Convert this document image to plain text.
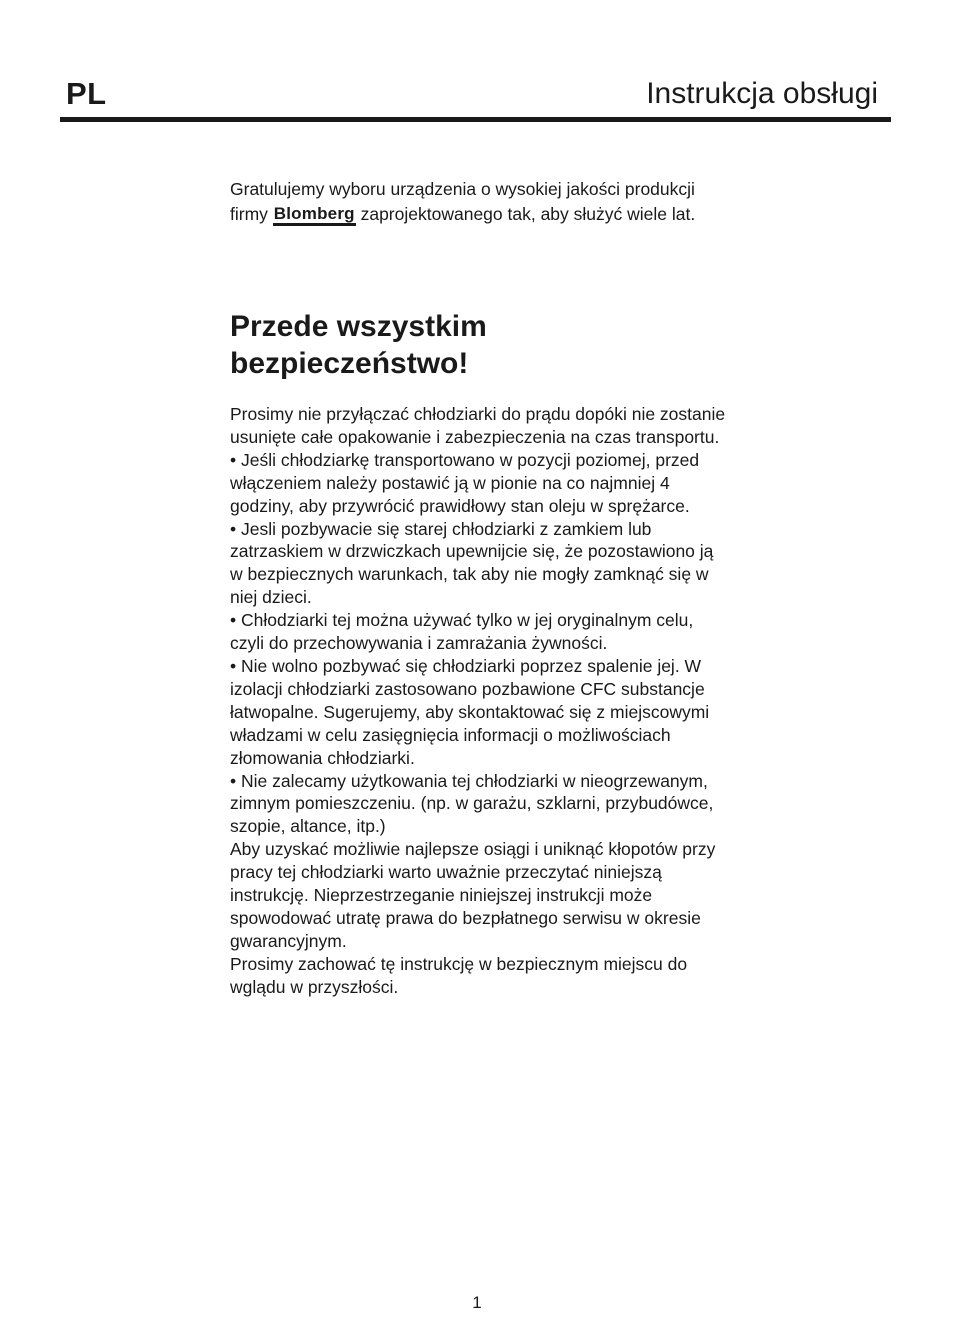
PL	Instrukcja obsługi

Gratulujemy wyboru urządzenia o wysokiej jakości produkcji firmy Blomberg zaprojektowanego tak, aby służyć wiele lat.

Przede wszystkim bezpieczeństwo!

Prosimy nie przyłączać chłodziarki do prądu dopóki nie zostanie usunięte całe opakowanie i zabezpieczenia na czas transportu.

• Jeśli chłodziarkę transportowano w pozycji poziomej, przed włączeniem należy postawić ją w pionie na co najmniej 4 godziny, aby przywrócić prawidłowy stan oleju w sprężarce.

• Jesli pozbywacie się starej chłodziarki z zamkiem lub zatrzaskiem w drzwiczkach upewnijcie się, że pozostawiono ją w bezpiecznych warunkach, tak aby nie mogły zamknąć się w niej dzieci.

• Chłodziarki tej można używać tylko w jej oryginalnym celu, czyli do przechowywania i zamrażania żywności.

• Nie wolno pozbywać się chłodziarki poprzez spalenie jej. W izolacji chłodziarki zastosowano pozbawione CFC substancje łatwopalne. Sugerujemy, aby skontaktować się z miejscowymi władzami w celu zasięgnięcia informacji o możliwościach złomowania chłodziarki.

• Nie zalecamy użytkowania tej chłodziarki w nieogrzewanym, zimnym pomieszczeniu. (np. w garażu, szklarni, przybudówce, szopie, altance, itp.)

Aby uzyskać możliwie najlepsze osiągi i uniknąć kłopotów przy pracy tej chłodziarki warto uważnie przeczytać niniejszą instrukcję. Nieprzestrzeganie niniejszej instrukcji może spowodować utratę prawa do bezpłatnego serwisu w okresie gwarancyjnym.

Prosimy zachować tę instrukcję w bezpiecznym miejscu do wglądu w przyszłości.

1
